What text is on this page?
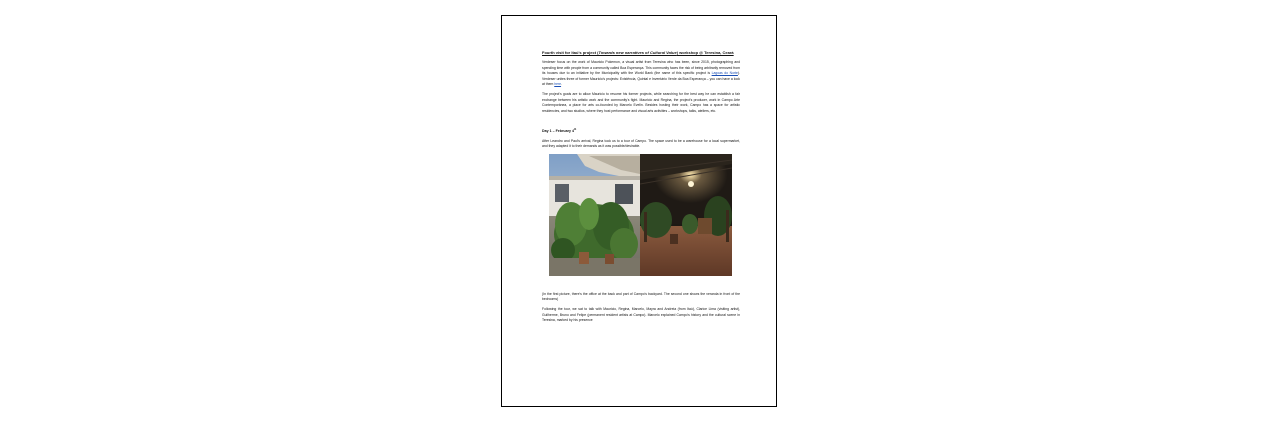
Fourth visit for Itaú's project (Towards new narratives of Cultural Value) workshop @ Teresina, Ceará

Verdeser focus on the work of Mauricio Pokemon, a visual artist from Teresina who has been, since 2015, photographing and spending time with people from a community called Boa Esperança. This community faces the risk of being arbitrarily removed from its houses due to an initiative by the Municipality with the World Bank (the name of this specific project is Lagoas do Norte). Verdeser unites three of former Mauricio's projects: Existência, Quintal e Inventário Verde da Boa Esperança – you can have a look at them here.

The project's goals are to allow Mauricio to resume his former projects, while searching for the best way he can establish a fair exchange between his artistic work and the community's fight. Mauricio and Regina, the project's producer, work in Campo Arte Contemporânea, a place for arts co-founded by Marcelo Evelin. Besides hosting their work, Campo has a space for artistic residencies, and two studios, where they host performance and visual arts activities – workshops, talks, ateliers, etc.

Day 1 – February 4th

After Leandro and Paul's arrival, Regina took us to a tour of Campo. The space used to be a warehouse for a local supermarket, and they adapted it to their demands as it was possible/desirable.

(In the first picture, there's the office at the back and part of Campo's backyard. The second one shows the veranda in front of the bedrooms)

Following the tour, we sat to talk with Mauricio, Regina, Marcelo, Mayra and Andreia (from Itaú), Clarice Lima (visiting artist), Guilherme, Bruno and Felipe (permanent resident artists at Campo). Marcelo explained Campo's history and the cultural scene in Teresina, marked by his presence
